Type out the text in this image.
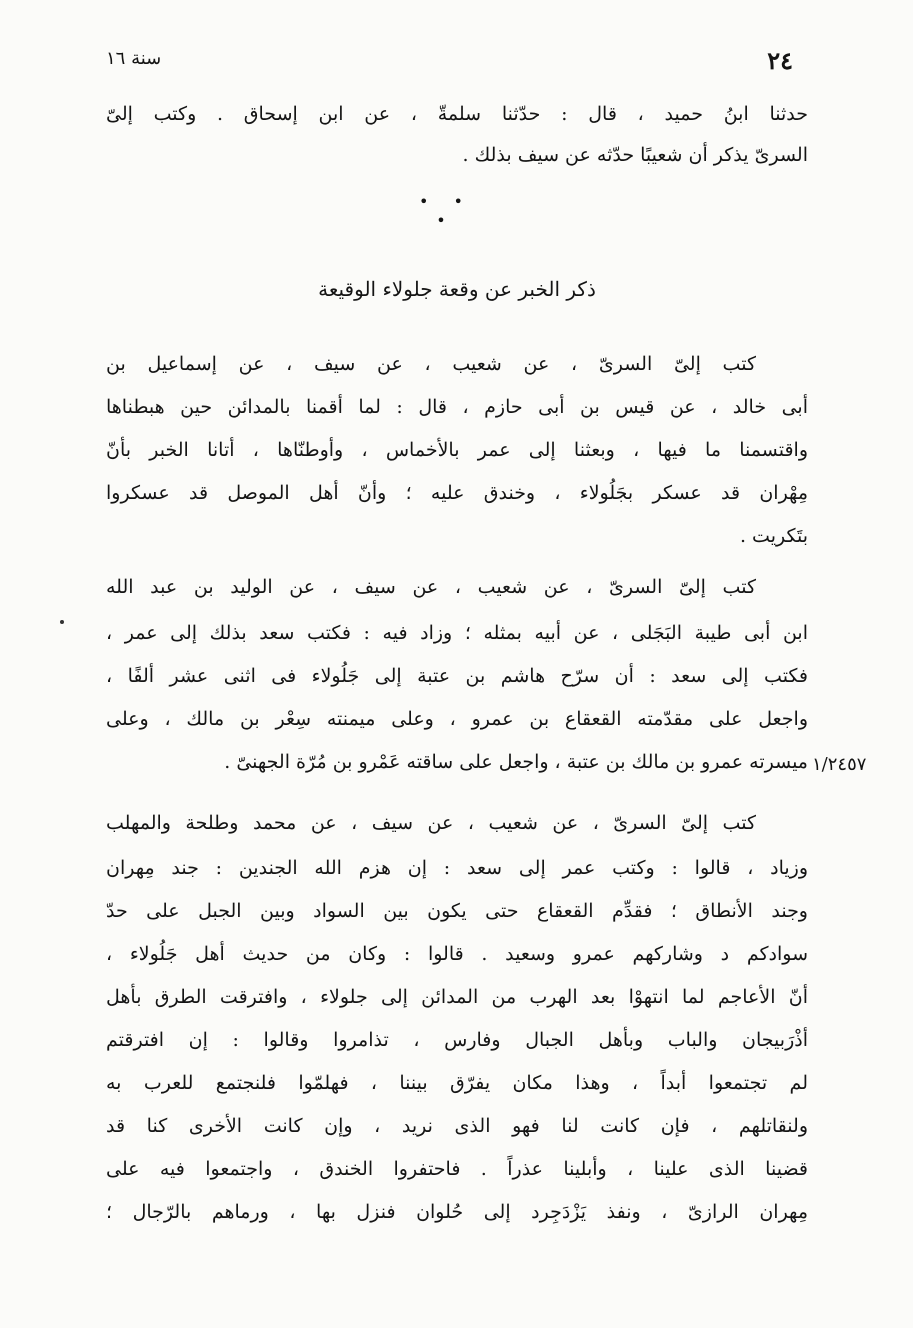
٢٤
سنة ١٦
حدثنا ابنُ حميد ، قال : حدّثنا سلمةّ ، عن ابن إسحاق . وكتب إلىّ
السرىّ يذكر أن شعيبًا حدّثه عن سيف بذلك .
• • •
ذكر الخبر عن وقعة جلولاء الوقيعة
كتب إلىّ السرىّ ، عن شعيب ، عن سيف ، عن إسماعيل بن
أبى خالد ، عن قيس بن أبى حازم ، قال : لما أقمنا بالمدائن حين هبطناها
واقتسمنا ما فيها ، وبعثنا إلى عمر بالأخماس ، وأوطنّاها ، أتانا الخبر بأنّ
مِهْران قد عسكر بجَلُولاء ، وخندق عليه ؛ وأنّ أهل الموصل قد عسكروا
بتَكريت .
كتب إلىّ السرىّ ، عن شعيب ، عن سيف ، عن الوليد بن عبد الله
ابن أبى طيبة البَجَلى ، عن أبيه بمثله ؛ وزاد فيه : فكتب سعد بذلك إلى عمر ،
فكتب إلى سعد : أن سرّح هاشم بن عتبة إلى جَلُولاء فى اثنى عشر ألفًا ،
واجعل على مقدّمته القعقاع بن عمرو ، وعلى ميمنته سِعْر بن مالك ، وعلى
ميسرته عمرو بن مالك بن عتبة ، واجعل على ساقته عَمْرو بن مُرّة الجهنىّ . ١/٢٤٥٧
كتب إلىّ السرىّ ، عن شعيب ، عن سيف ، عن محمد وطلحة والمهلب
وزياد ، قالوا : وكتب عمر إلى سعد : إن هزم الله الجندين : جند مِهران
وجند الأنطاق ؛ فقدِّم القعقاع حتى يكون بين السواد وبين الجبل على حدّ
سوادكم د وشاركهم عمرو وسعيد . قالوا : وكان من حديث أهل جَلُولاء ،
أنّ الأعاجم لما انتهوْا بعد الهرب من المدائن إلى جلولاء ، وافترقت الطرق بأهل
أذْرَبيجان والباب وبأهل الجبال وفارس ، تذامروا وقالوا : إن افترقتم
لم تجتمعوا أبداً ، وهذا مكان يفرّق بيننا ، فهلمّوا فلنجتمع للعرب به
ولنقاتلهم ، فإن كانت لنا فهو الذى نريد ، وإن كانت الأخرى كنا قد
قضينا الذى علينا ، وأبلينا عذراً . فاحتفروا الخندق ، واجتمعوا فيه على
مِهران الرازىّ ، ونفذ يَزْدَجِرد إلى حُلوان فنزل بها ، ورماهم بالرّجال ؛
